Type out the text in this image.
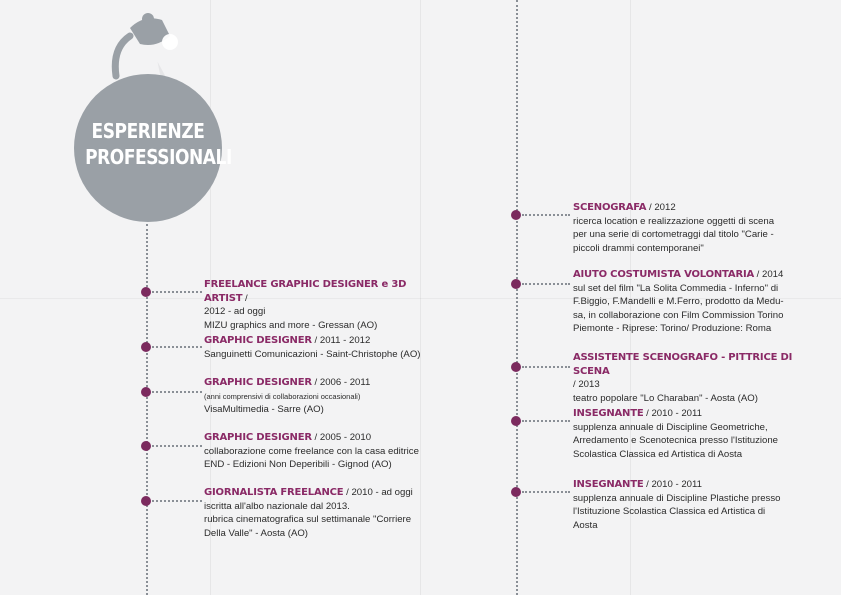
ESPERIENZE
PROFESSIONALI
FREELANCE GRAPHIC DESIGNER e 3D ARTIST /
2012 - ad oggi
MIZU graphics and more - Gressan (AO)
GRAPHIC DESIGNER / 2011 - 2012
Sanguinetti Comunicazioni - Saint-Christophe (AO)
GRAPHIC DESIGNER / 2006 - 2011
(anni comprensivi di collaborazioni occasionali)
VisaMultimedia - Sarre (AO)
GRAPHIC DESIGNER / 2005 - 2010
collaborazione come freelance con la casa editrice
END - Edizioni Non Deperibili - Gignod (AO)
GIORNALISTA FREELANCE / 2010 - ad oggi
iscritta all'albo nazionale dal 2013.
rubrica cinematografica sul settimanale "Corriere
Della Valle" - Aosta (AO)
SCENOGRAFA / 2012
ricerca location e realizzazione oggetti di scena
per una serie di cortometraggi dal titolo "Carie -
piccoli drammi contemporanei"
AIUTO COSTUMISTA VOLONTARIA / 2014
sul set del film "La Solita Commedia - Inferno" di
F.Biggio, F.Mandelli e M.Ferro, prodotto da Medu-
sa, in collaborazione con Film Commission Torino
Piemonte - Riprese: Torino/ Produzione: Roma
ASSISTENTE SCENOGRAFO - PITTRICE DI SCENA
/ 2013
teatro popolare "Lo Charaban" - Aosta (AO)
INSEGNANTE / 2010 - 2011
supplenza annuale di Discipline Geometriche,
Arredamento e Scenotecnica presso l'Istituzione
Scolastica Classica ed Artistica di Aosta
INSEGNANTE / 2010 - 2011
supplenza annuale di Discipline Plastiche presso
l'Istituzione Scolastica Classica ed Artistica di
Aosta
